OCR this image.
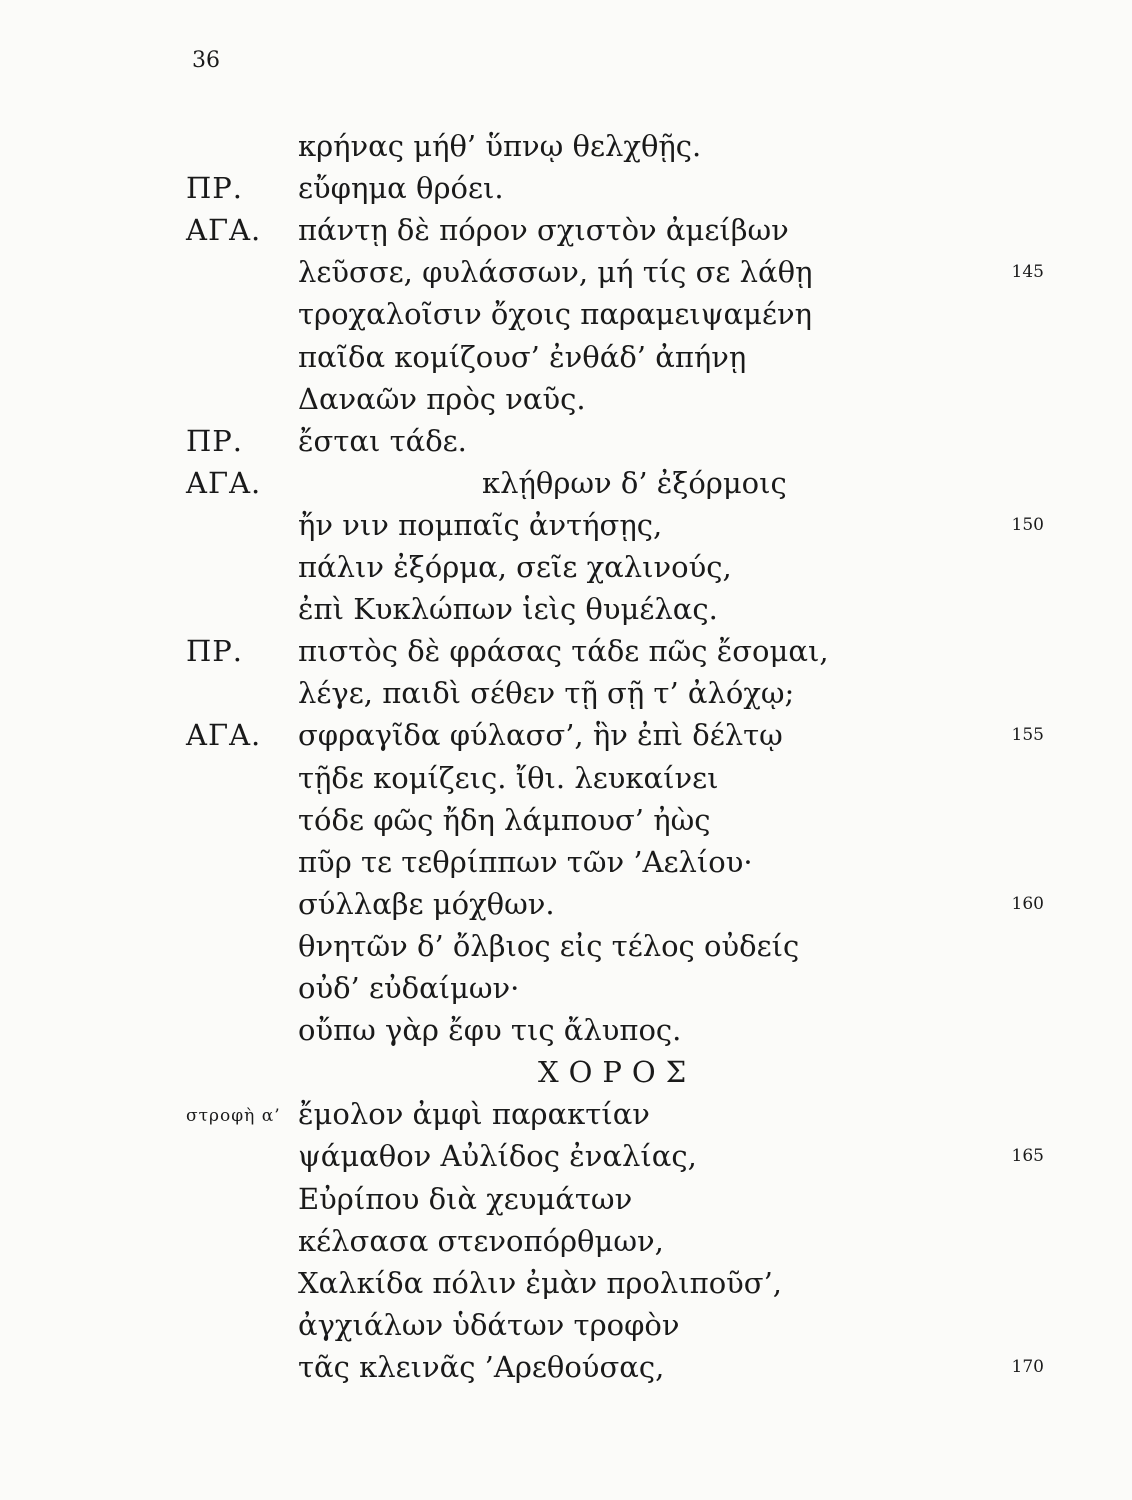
36
κρήνας μήθ’ ὕπνῳ θελχθῇς.
ΠΡ. εὔφημα θρόει.
ΑΓΑ. πάντῃ δὲ πόρον σχιστὸν ἀμείβων
λεῦσσε, φυλάσσων, μή τίς σε λάθῃ	145
τροχαλοῖσιν ὄχοις παραμειψαμένη
παῖδα κομίζουσ’ ἐνθάδ’ ἀπήνῃ
Δαναῶν πρὸς ναῦς.
ΠΡ. ἔσται τάδε.
ΑΓΑ.	κλῄθρων δ’ ἐξόρμοις
ἤν νιν πομπαῖς ἀντήσῃς,	150
πάλιν ἐξόρμα, σεῖε χαλινούς,
ἐπὶ Κυκλώπων ἱεὶς θυμέλας.
ΠΡ. πιστὸς δὲ φράσας τάδε πῶς ἔσομαι,
λέγε, παιδὶ σέθεν τῇ σῇ τ’ ἀλόχῳ;
ΑΓΑ. σφραγῖδα φύλασσ’, ἣν ἐπὶ δέλτῳ	155
τῇδε κομίζεις. ἴθι. λευκαίνει
τόδε φῶς ἤδη λάμπουσ’ ἠὼς
πῦρ τε τεθρίππων τῶν ’Αελίου·
σύλλαβε μόχθων.	160
θνητῶν δ’ ὄλβιος εἰς τέλος οὐδείς
οὐδ’ εὐδαίμων·
οὔπω γὰρ ἔφυ τις ἄλυπος.
ΧΟΡΟΣ
στροφὴ α’ ἔμολον ἀμφὶ παρακτίαν
ψάμαθον Αὐλίδος ἐναλίας,	165
Εὐρίπου διὰ χευμάτων
κέλσασα στενοπόρθμων,
Χαλκίδα πόλιν ἐμὰν προλιποῦσ’,
ἀγχιάλων ὑδάτων τροφὸν
τᾶς κλεινᾶς ’Αρεθούσας,	170
